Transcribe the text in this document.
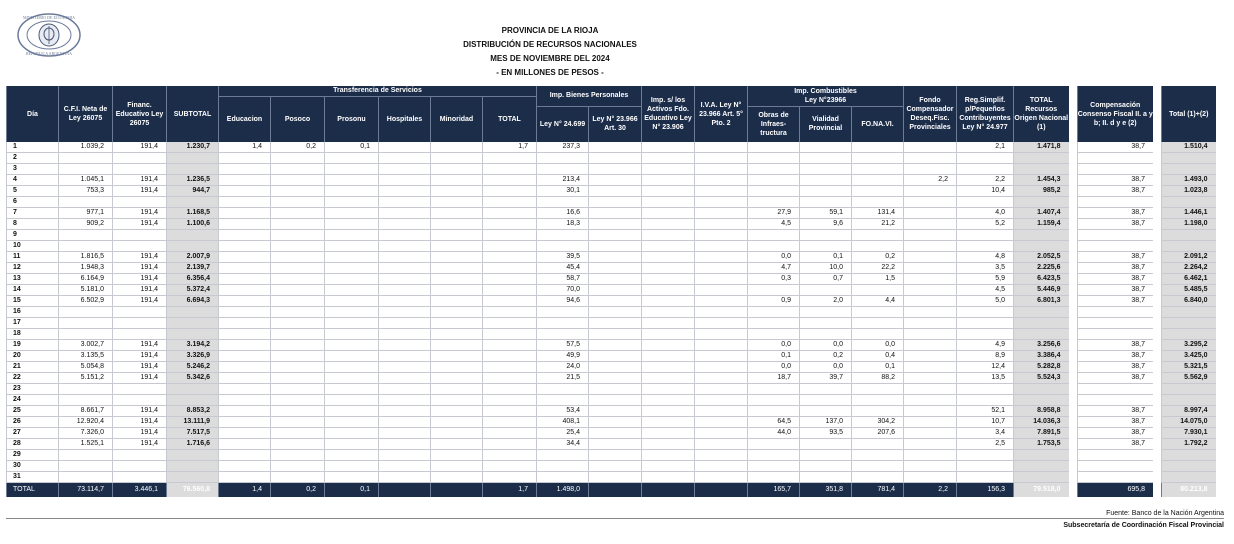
MINISTERIO DE ECONOMIA
REPUBLICA ARGENTINA
PROVINCIA DE LA RIOJA
DISTRIBUCIÓN DE RECURSOS NACIONALES
MES DE NOVIEMBRE DEL 2024
- EN MILLONES DE PESOS -
Día	C.F.I. Neta de Ley 26075	Financ. Educativo Ley 26075	SUBTOTAL	Transferencia de Servicios						Imp. Bienes Personales		Imp. s/ los Activos Fdo. Educativo Ley N° 23.906	I.V.A. Ley N° 23.966 Art. 5° Pto. 2	Imp. Combustibles			Fondo Compensador Deseq.Fisc. Provinciales	Reg.Simplif. p/Pequeños Contribuyentes Ley N° 24.977	TOTAL Recursos Origen Nacional (1)		Compensación Consenso Fiscal II. a y b; II. d y e (2)		Total (1)+(2)
				Educacion	Posoco	Prosonu	Hospitales	Minoridad	TOTAL					Ley N°23966									
										Ley N° 24.699	Ley N° 23.966 Art. 30			Obras de Infraes- tructura	Vialidad Provincial	FO.NA.VI.							
1	1.039,2	191,4	1.230,7	1,4	0,2	0,1			1,7	237,3								2,1	1.471,8		38,7		1.510,4
2																							
3																							
4	1.045,1	191,4	1.236,5							213,4							2,2	2,2	1.454,3		38,7		1.493,0
5	753,3	191,4	944,7							30,1								10,4	985,2		38,7		1.023,8
6																							
7	977,1	191,4	1.168,5							16,6				27,9	59,1	131,4		4,0	1.407,4		38,7		1.446,1
8	909,2	191,4	1.100,6							18,3				4,5	9,6	21,2		5,2	1.159,4		38,7		1.198,0
9																							
10																							
11	1.816,5	191,4	2.007,9							39,5				0,0	0,1	0,2		4,8	2.052,5		38,7		2.091,2
12	1.948,3	191,4	2.139,7							45,4				4,7	10,0	22,2		3,5	2.225,6		38,7		2.264,2
13	6.164,9	191,4	6.356,4							58,7				0,3	0,7	1,5		5,9	6.423,5		38,7		6.462,1
14	5.181,0	191,4	5.372,4							70,0								4,5	5.446,9		38,7		5.485,5
15	6.502,9	191,4	6.694,3							94,6				0,9	2,0	4,4		5,0	6.801,3		38,7		6.840,0
16																							
17																							
18																							
19	3.002,7	191,4	3.194,2							57,5				0,0	0,0	0,0		4,9	3.256,6		38,7		3.295,2
20	3.135,5	191,4	3.326,9							49,9				0,1	0,2	0,4		8,9	3.386,4		38,7		3.425,0
21	5.054,8	191,4	5.246,2							24,0				0,0	0,0	0,1		12,4	5.282,8		38,7		5.321,5
22	5.151,2	191,4	5.342,6							21,5				18,7	39,7	88,2		13,5	5.524,3		38,7		5.562,9
23																							
24																							
25	8.661,7	191,4	8.853,2							53,4								52,1	8.958,8		38,7		8.997,4
26	12.920,4	191,4	13.111,9							408,1				64,5	137,0	304,2		10,7	14.036,3		38,7		14.075,0
27	7.326,0	191,4	7.517,5							25,4				44,0	93,5	207,6		3,4	7.891,5		38,7		7.930,1
28	1.525,1	191,4	1.716,6							34,4								2,5	1.753,5		38,7		1.792,2
29																							
30																							
31																							
TOTAL	73.114,7	3.446,1	76.560,8	1,4	0,2	0,1			1,7	1.498,0				165,7	351,8	781,4	2,2	156,3	79.518,0		695,8		80.213,8
Fuente: Banco de la Nación Argentina
Subsecretaría de Coordinación Fiscal Provincial
